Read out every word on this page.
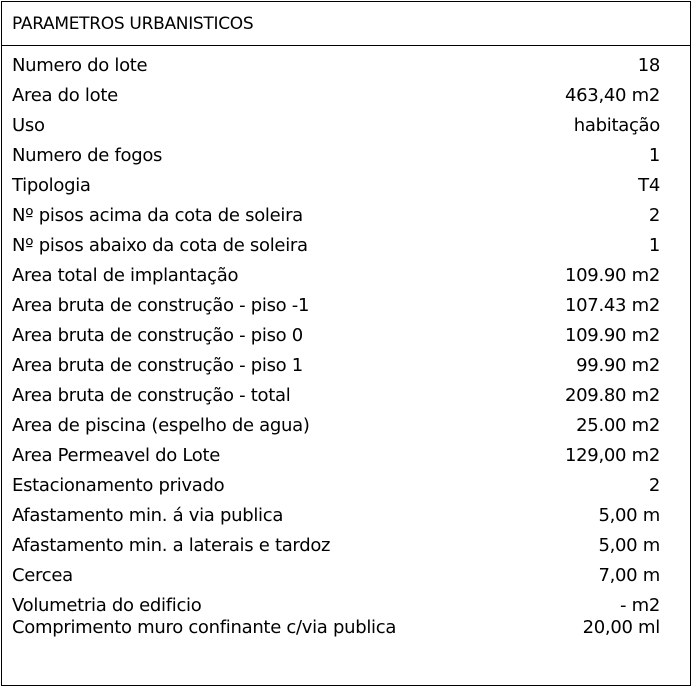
PARAMETROS URBANISTICOS
Numero do lote	18
Area do lote	463,40 m2
Uso	habitação
Numero de fogos	1
Tipologia	T4
Nº pisos acima da cota de soleira	2
Nº pisos abaixo da cota de soleira	1
Area total de implantação	109.90 m2
Area bruta de construção - piso -1	107.43 m2
Area bruta de construção - piso 0	109.90 m2
Area bruta de construção - piso 1	99.90 m2
Area bruta de construção - total	209.80 m2
Area de piscina (espelho de agua)	25.00 m2
Area Permeavel do Lote	129,00 m2
Estacionamento privado	2
Afastamento min. á via publica	5,00 m
Afastamento min. a laterais e tardoz	5,00 m
Cercea	7,00 m
Volumetria do edificio	- m2
Comprimento muro confinante c/via publica	20,00 ml
